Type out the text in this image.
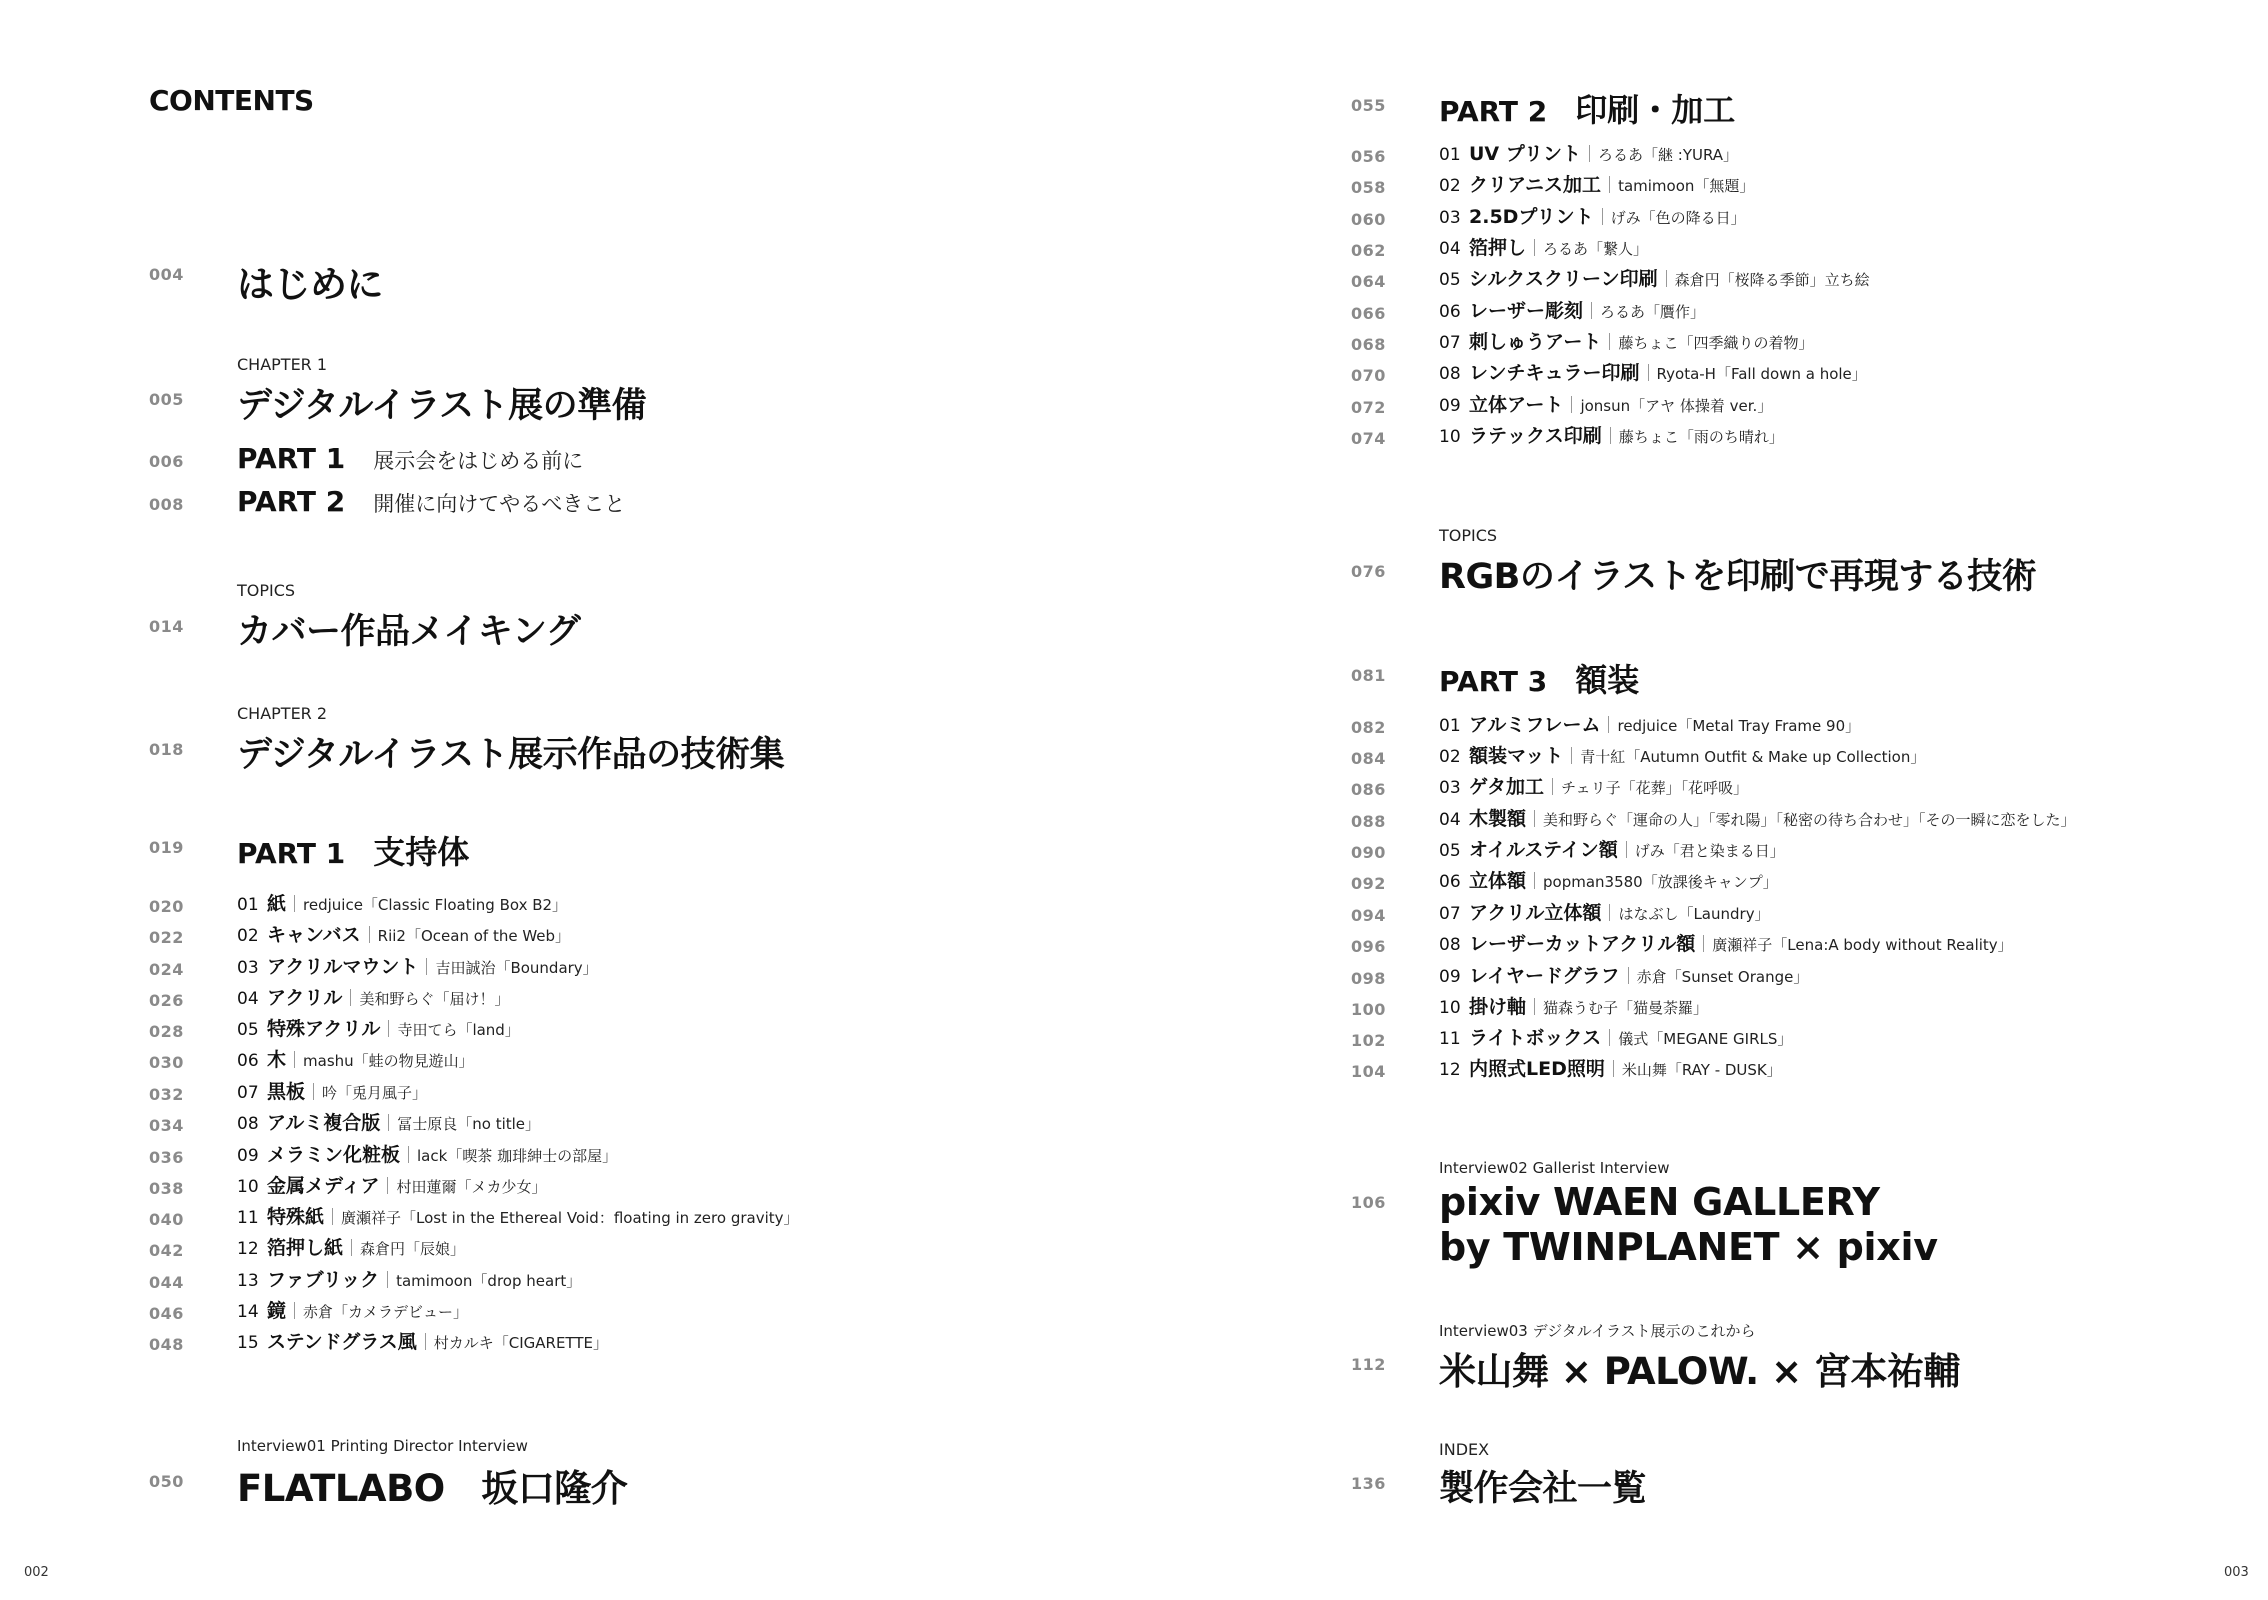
CONTENTS
004 はじめに
CHAPTER 1
005 デジタルイラスト展の準備
006 PART 1 展示会をはじめる前に
008 PART 2 開催に向けてやるべきこと
TOPICS
014 カバー作品メイキング
CHAPTER 2
018 デジタルイラスト展示作品の技術集
019 PART 1 支持体
020	01 紙 redjuice「Classic Floating Box B2」
022	02 キャンバス Rii2「Ocean of the Web」
024	03 アクリルマウント 吉田誠治「Boundary」
026	04 アクリル 美和野らぐ「届け！」
028	05 特殊アクリル 寺田てら「land」
030	06 木 mashu「蛙の物見遊山」
032	07 黒板 吟「兎月風子」
034	08 アルミ複合版 冨士原良「no title」
036	09 メラミン化粧板 lack「喫茶 珈琲紳士の部屋」
038	10 金属メディア 村田蓮爾「メカ少女」
040	11 特殊紙 廣瀬祥子「Lost in the Ethereal Void：floating in zero gravity」
042	12 箔押し紙 森倉円「辰娘」
044	13 ファブリック tamimoon「drop heart」
046	14 鏡 赤倉「カメラデビュー」
048	15 ステンドグラス風 村カルキ「CIGARETTE」
Interview01 Printing Director Interview
050 FLATLABO　坂口隆介
002
055 PART 2 印刷・加工
056	01 UV プリント ろるあ「継 :YURA」
058	02 クリアニス加工 tamimoon「無題」
060	03 2.5Dプリント げみ「色の降る日」
062	04 箔押し ろるあ「繋人」
064	05 シルクスクリーン印刷 森倉円「桜降る季節」立ち絵
066	06 レーザー彫刻 ろるあ「贋作」
068	07 刺しゅうアート 藤ちょこ「四季織りの着物」
070	08 レンチキュラー印刷 Ryota-H「Fall down a hole」
072	09 立体アート jonsun「アヤ 体操着 ver.」
074	10 ラテックス印刷 藤ちょこ「雨のち晴れ」
TOPICS
076 RGBのイラストを印刷で再現する技術
081 PART 3 額装
082	01 アルミフレーム redjuice「Metal Tray Frame 90」
084	02 額装マット 青十紅「Autumn Outfit & Make up Collection」
086	03 ゲタ加工 チェリ子「花葬」「花呼吸」
088	04 木製額 美和野らぐ「運命の人」「零れ陽」「秘密の待ち合わせ」「その一瞬に恋をした」
090	05 オイルステイン額 げみ「君と染まる日」
092	06 立体額 popman3580「放課後キャンプ」
094	07 アクリル立体額 はなぶし「Laundry」
096	08 レーザーカットアクリル額 廣瀬祥子「Lena:A body without Reality」
098	09 レイヤードグラフ 赤倉「Sunset Orange」
100	10 掛け軸 猫森うむ子「猫曼荼羅」
102	11 ライトボックス 儀式「MEGANE GIRLS」
104	12 内照式LED照明 米山舞「RAY - DUSK」
Interview02 Gallerist Interview
106 pixiv WAEN GALLERY
by TWINPLANET × pixiv
Interview03 デジタルイラスト展示のこれから
112 米山舞 × PALOW. × 宮本祐輔
INDEX
136 製作会社一覧
003
